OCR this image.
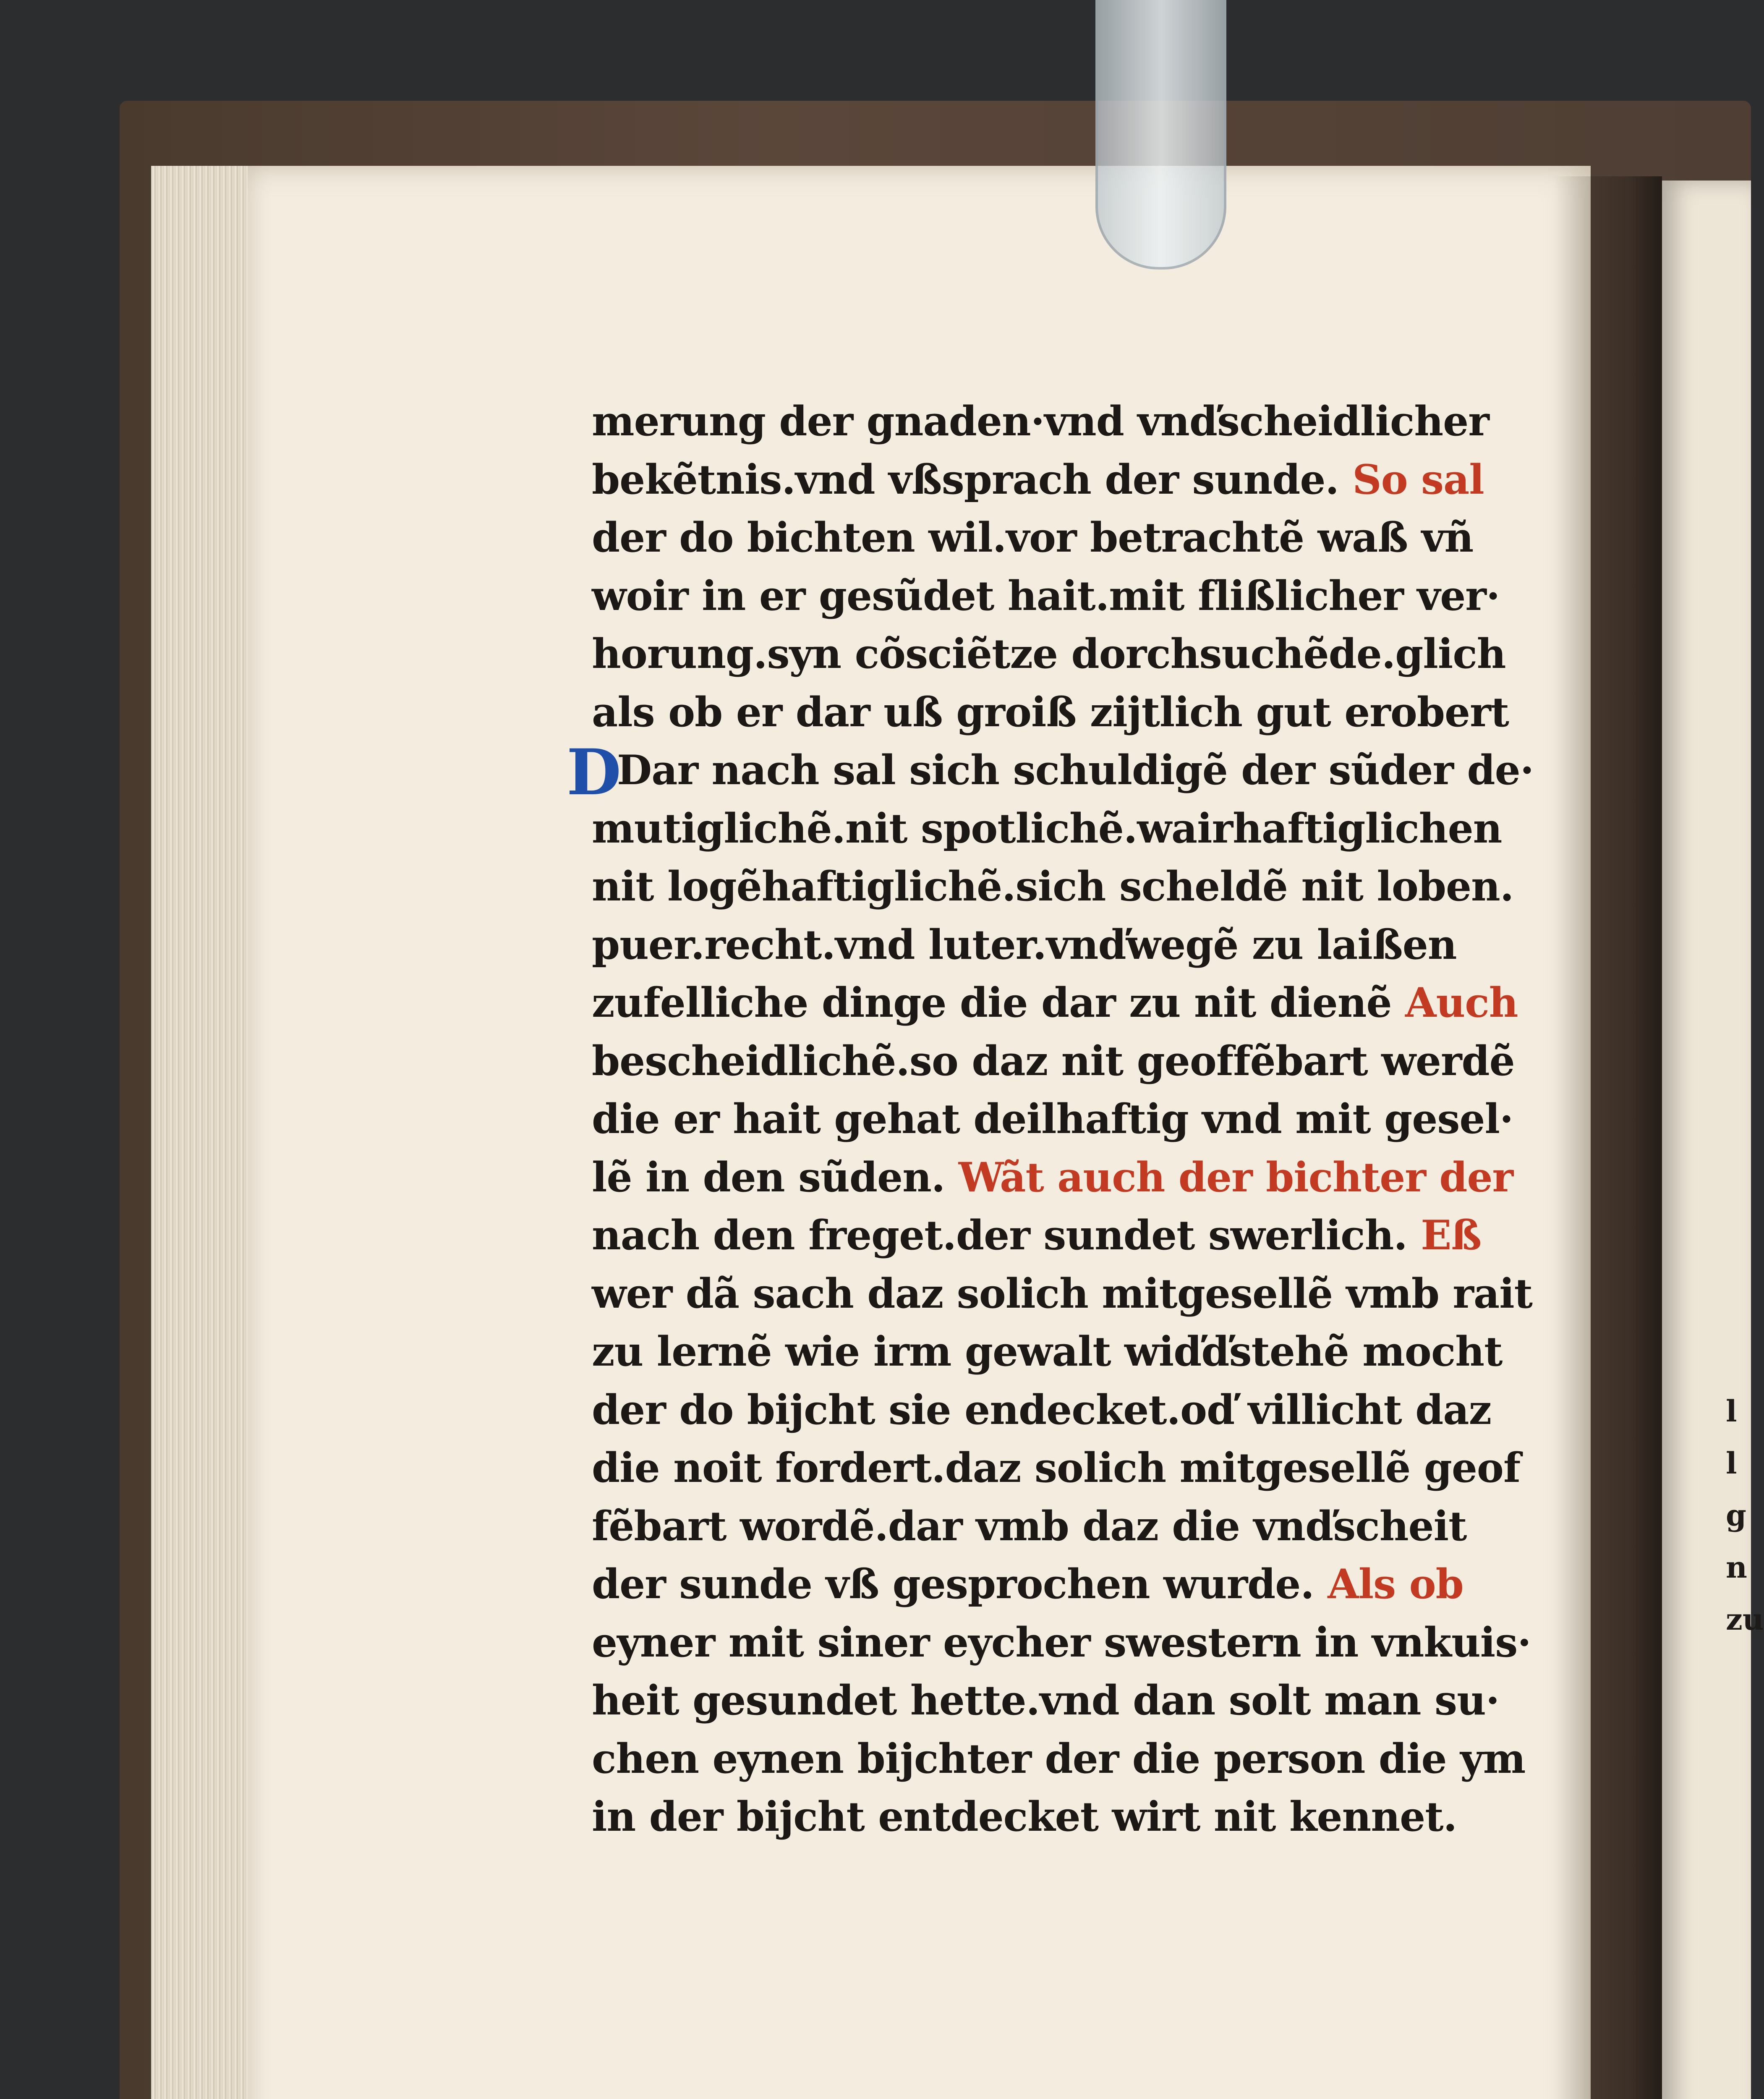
l
l
g
n
zu
D
merung der gnaden·vnd vnďscheidlicher
bekẽtnis.vnd vßsprach der sunde. So sal
der do bichten wil.vor betrachtẽ waß vñ
woir in er gesũdet hait.mit flißlicher ver·
horung.syn cõsciẽtze dorchsuchẽde.glich
als ob er dar uß groiß zijtlich gut erobert
Dar nach sal sich schuldigẽ der sũder de·
mutiglichẽ.nit spotlichẽ.wairhaftiglichen
nit logẽhaftiglichẽ.sich scheldẽ nit loben.
puer.recht.vnd luter.vnďwegẽ zu laißen
zufelliche dinge die dar zu nit dienẽ Auch
bescheidlichẽ.so daz nit geoffẽbart werdẽ
die er hait gehat deilhaftig vnd mit gesel·
lẽ in den sũden. Wãt auch der bichter der
nach den freget.der sundet swerlich. Eß
wer dã sach daz solich mitgesellẽ vmb rait
zu lernẽ wie irm gewalt wiďďstehẽ mocht
der do bijcht sie endecket.oď villicht daz
die noit fordert.daz solich mitgesellẽ geof
fẽbart wordẽ.dar vmb daz die vnďscheit
der sunde vß gesprochen wurde. Als ob
eyner mit siner eycher swestern in vnkuis·
heit gesundet hette.vnd dan solt man su·
chen eynen bijchter der die person die ym
in der bijcht entdecket wirt nit kennet.
